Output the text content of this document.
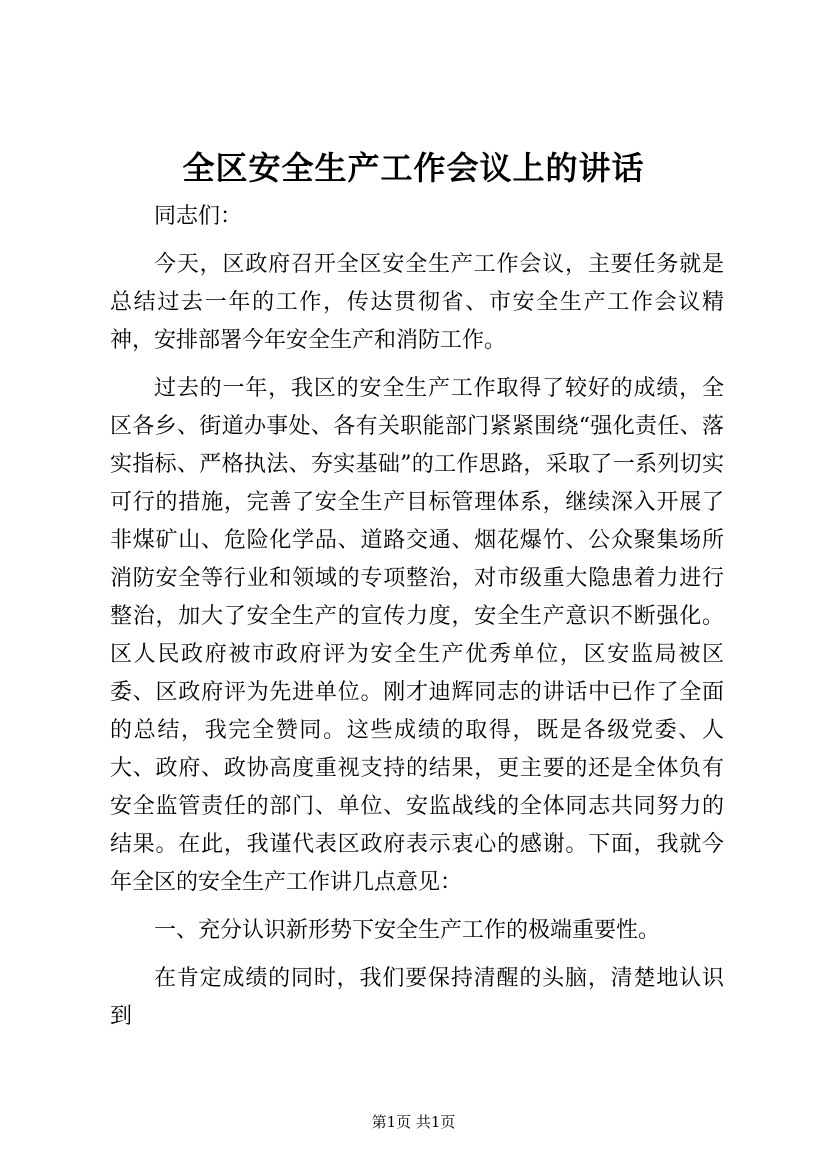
全区安全生产工作会议上的讲话

同志们：

今天，区政府召开全区安全生产工作会议，主要任务就是总结过去一年的工作，传达贯彻省、市安全生产工作会议精神，安排部署今年安全生产和消防工作。

过去的一年，我区的安全生产工作取得了较好的成绩，全区各乡、街道办事处、各有关职能部门紧紧围绕“强化责任、落实指标、严格执法、夯实基础”的工作思路，采取了一系列切实可行的措施，完善了安全生产目标管理体系，继续深入开展了非煤矿山、危险化学品、道路交通、烟花爆竹、公众聚集场所消防安全等行业和领域的专项整治，对市级重大隐患着力进行整治，加大了安全生产的宣传力度，安全生产意识不断强化。区人民政府被市政府评为安全生产优秀单位，区安监局被区委、区政府评为先进单位。刚才迪辉同志的讲话中已作了全面的总结，我完全赞同。这些成绩的取得，既是各级党委、人大、政府、政协高度重视支持的结果，更主要的还是全体负有安全监管责任的部门、单位、安监战线的全体同志共同努力的结果。在此，我谨代表区政府表示衷心的感谢。下面，我就今年全区的安全生产工作讲几点意见：

一、充分认识新形势下安全生产工作的极端重要性。

在肯定成绩的同时，我们要保持清醒的头脑，清楚地认识到

第1页 共1页
